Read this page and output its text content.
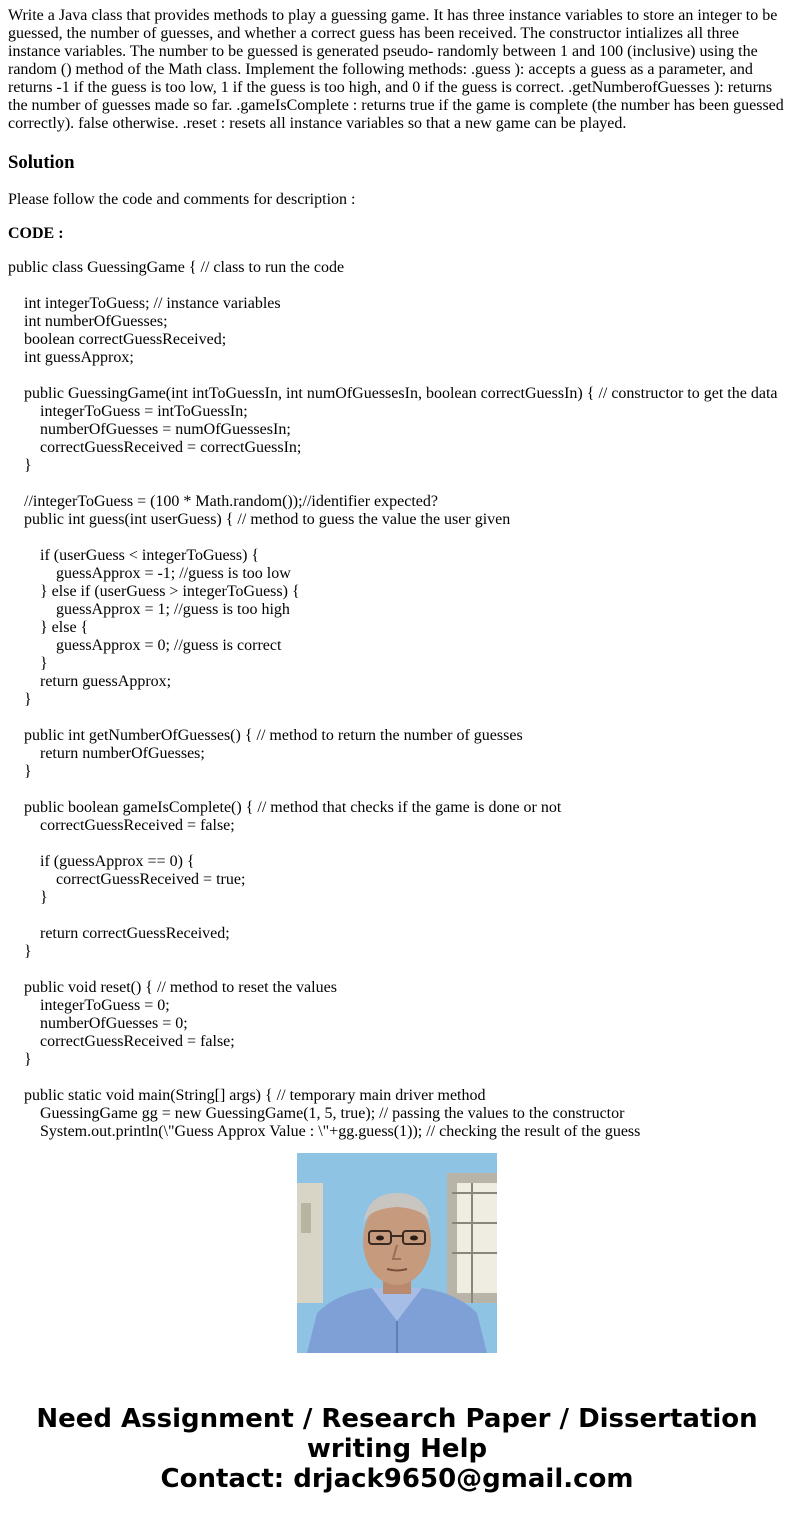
Write a Java class that provides methods to play a guessing game. It has three instance variables to store an integer to be guessed, the number of guesses, and whether a correct guess has been received. The constructor intializes all three instance variables. The number to be guessed is generated pseudo- randomly between 1 and 100 (inclusive) using the random () method of the Math class. Implement the following methods: .guess ): accepts a guess as a parameter, and returns -1 if the guess is too low, 1 if the guess is too high, and 0 if the guess is correct. .getNumberofGuesses ): returns the number of guesses made so far. .gameIsComplete : returns true if the game is complete (the number has been guessed correctly). false otherwise. .reset : resets all instance variables so that a new game can be played.

Solution

Please follow the code and comments for description :

CODE :

public class GuessingGame { // class to run the code

int integerToGuess; // instance variables
int numberOfGuesses;
boolean correctGuessReceived;
int guessApprox;

public GuessingGame(int intToGuessIn, int numOfGuessesIn, boolean correctGuessIn) { // constructor to get the data
integerToGuess = intToGuessIn;
numberOfGuesses = numOfGuessesIn;
correctGuessReceived = correctGuessIn;
}

//integerToGuess = (100 * Math.random());//identifier expected?
public int guess(int userGuess) { // method to guess the value the user given

if (userGuess < integerToGuess) {
guessApprox = -1; //guess is too low
} else if (userGuess > integerToGuess) {
guessApprox = 1; //guess is too high
} else {
guessApprox = 0; //guess is correct
}
return guessApprox;
}

public int getNumberOfGuesses() { // method to return the number of guesses
return numberOfGuesses;
}

public boolean gameIsComplete() { // method that checks if the game is done or not
correctGuessReceived = false;

if (guessApprox == 0) {
correctGuessReceived = true;
}

return correctGuessReceived;
}

public void reset() { // method to reset the values
integerToGuess = 0;
numberOfGuesses = 0;
correctGuessReceived = false;
}

public static void main(String[] args) { // temporary main driver method
GuessingGame gg = new GuessingGame(1, 5, true); // passing the values to the constructor
System.out.println(\"Guess Approx Value : \"+gg.guess(1)); // checking the result of the guess
Need Assignment / Research Paper / Dissertation
writing Help
Contact: drjack9650@gmail.com
